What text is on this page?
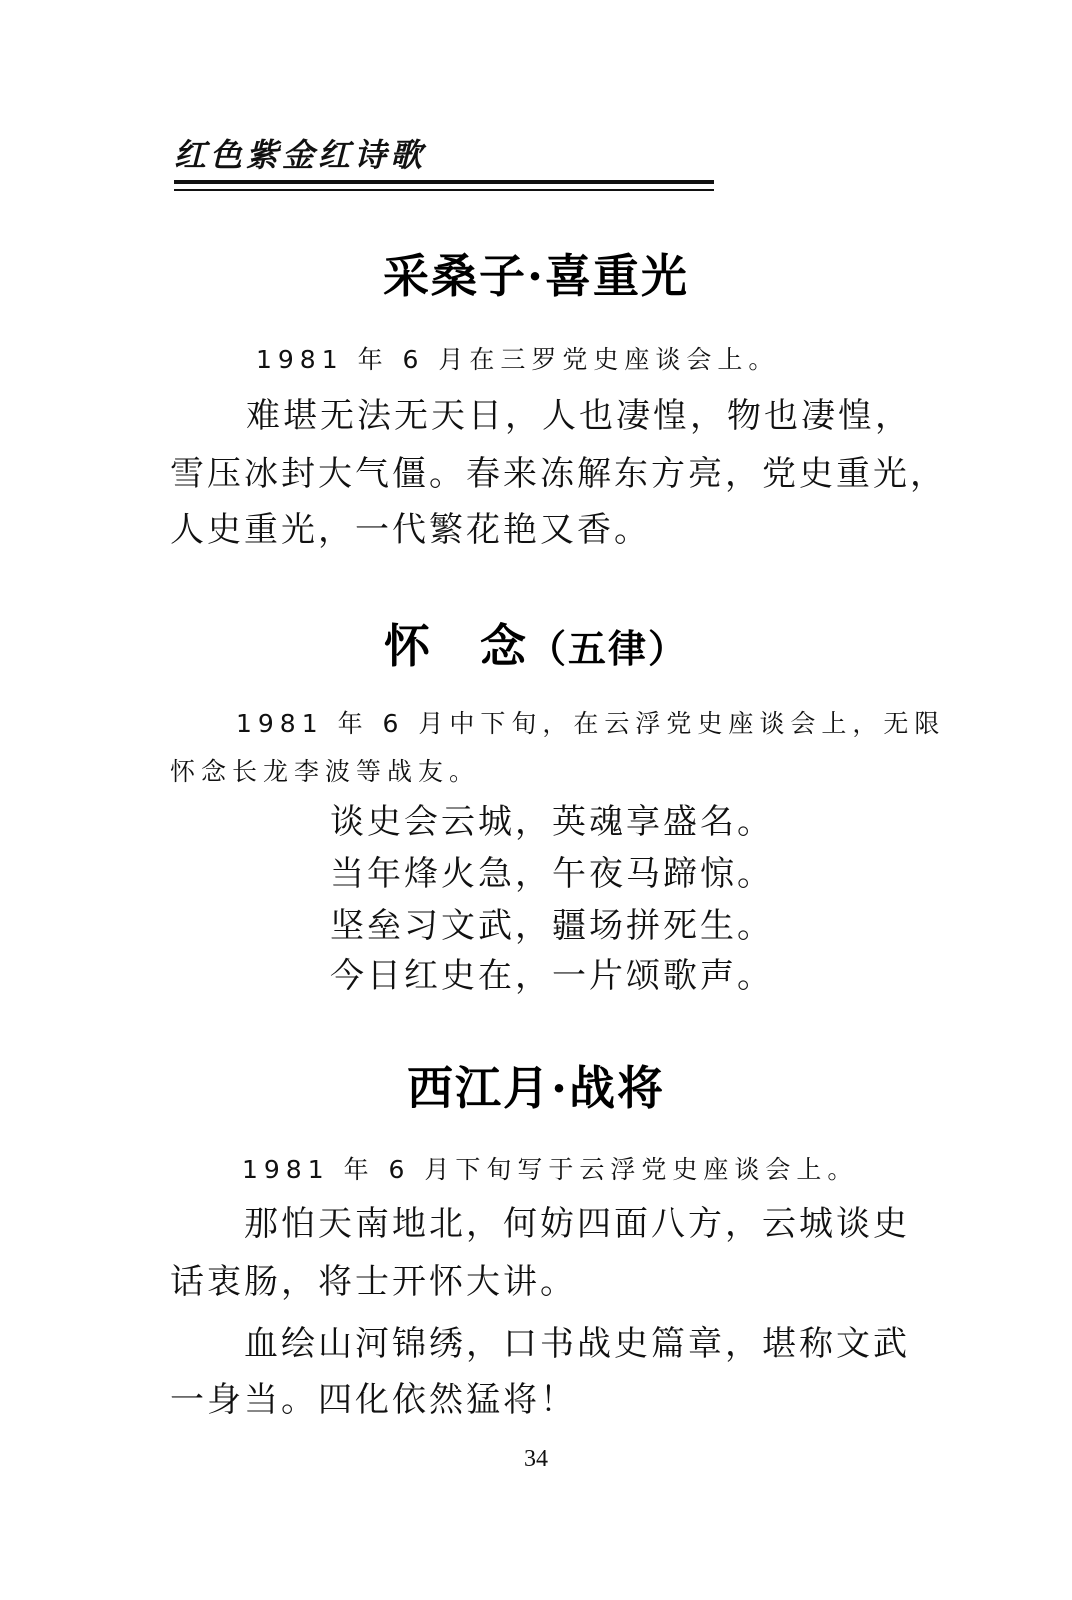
红色紫金红诗歌
采桑子·喜重光
1981 年 6 月在三罗党史座谈会上。
难堪无法无天日，人也凄惶，物也凄惶，
雪压冰封大气僵。春来冻解东方亮，党史重光，
人史重光，一代繁花艳又香。
怀　念（五律）
1981 年 6 月中下旬，在云浮党史座谈会上，无限
怀念长龙李波等战友。
谈史会云城，英魂享盛名。
当年烽火急，午夜马蹄惊。
坚垒习文武，疆场拼死生。
今日红史在，一片颂歌声。
西江月·战将
1981 年 6 月下旬写于云浮党史座谈会上。
那怕天南地北，何妨四面八方，云城谈史
话衷肠，将士开怀大讲。
血绘山河锦绣，口书战史篇章，堪称文武
一身当。四化依然猛将！
34
